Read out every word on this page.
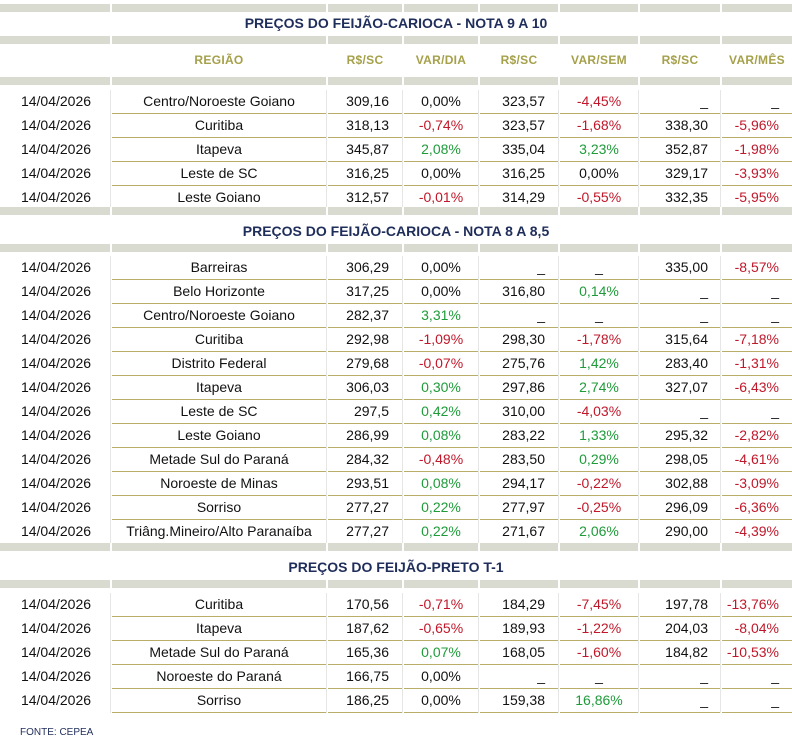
PREÇOS DO FEIJÃO-CARIOCA - NOTA 9 A 10
REGIÃO	R$/SC	VAR/DIA	R$/SC	VAR/SEM	R$/SC	VAR/MÊS
14/04/2026	Centro/Noroeste Goiano	309,16	0,00%	323,57	-4,45%	_	_
14/04/2026	Curitiba	318,13	-0,74%	323,57	-1,68%	338,30	-5,96%
14/04/2026	Itapeva	345,87	2,08%	335,04	3,23%	352,87	-1,98%
14/04/2026	Leste de SC	316,25	0,00%	316,25	0,00%	329,17	-3,93%
14/04/2026	Leste Goiano	312,57	-0,01%	314,29	-0,55%	332,35	-5,95%
PREÇOS DO FEIJÃO-CARIOCA - NOTA 8 A 8,5
14/04/2026	Barreiras	306,29	0,00%	_	_	335,00	-8,57%
14/04/2026	Belo Horizonte	317,25	0,00%	316,80	0,14%	_	_
14/04/2026	Centro/Noroeste Goiano	282,37	3,31%	_	_	_	_
14/04/2026	Curitiba	292,98	-1,09%	298,30	-1,78%	315,64	-7,18%
14/04/2026	Distrito Federal	279,68	-0,07%	275,76	1,42%	283,40	-1,31%
14/04/2026	Itapeva	306,03	0,30%	297,86	2,74%	327,07	-6,43%
14/04/2026	Leste de SC	297,5	0,42%	310,00	-4,03%	_	_
14/04/2026	Leste Goiano	286,99	0,08%	283,22	1,33%	295,32	-2,82%
14/04/2026	Metade Sul do Paraná	284,32	-0,48%	283,50	0,29%	298,05	-4,61%
14/04/2026	Noroeste de Minas	293,51	0,08%	294,17	-0,22%	302,88	-3,09%
14/04/2026	Sorriso	277,27	0,22%	277,97	-0,25%	296,09	-6,36%
14/04/2026	Triâng.Mineiro/Alto Paranaíba	277,27	0,22%	271,67	2,06%	290,00	-4,39%
PREÇOS DO FEIJÃO-PRETO T-1
14/04/2026	Curitiba	170,56	-0,71%	184,29	-7,45%	197,78	-13,76%
14/04/2026	Itapeva	187,62	-0,65%	189,93	-1,22%	204,03	-8,04%
14/04/2026	Metade Sul do Paraná	165,36	0,07%	168,05	-1,60%	184,82	-10,53%
14/04/2026	Noroeste do Paraná	166,75	0,00%	_	_	_	_
14/04/2026	Sorriso	186,25	0,00%	159,38	16,86%	_	_
FONTE: CEPEA
